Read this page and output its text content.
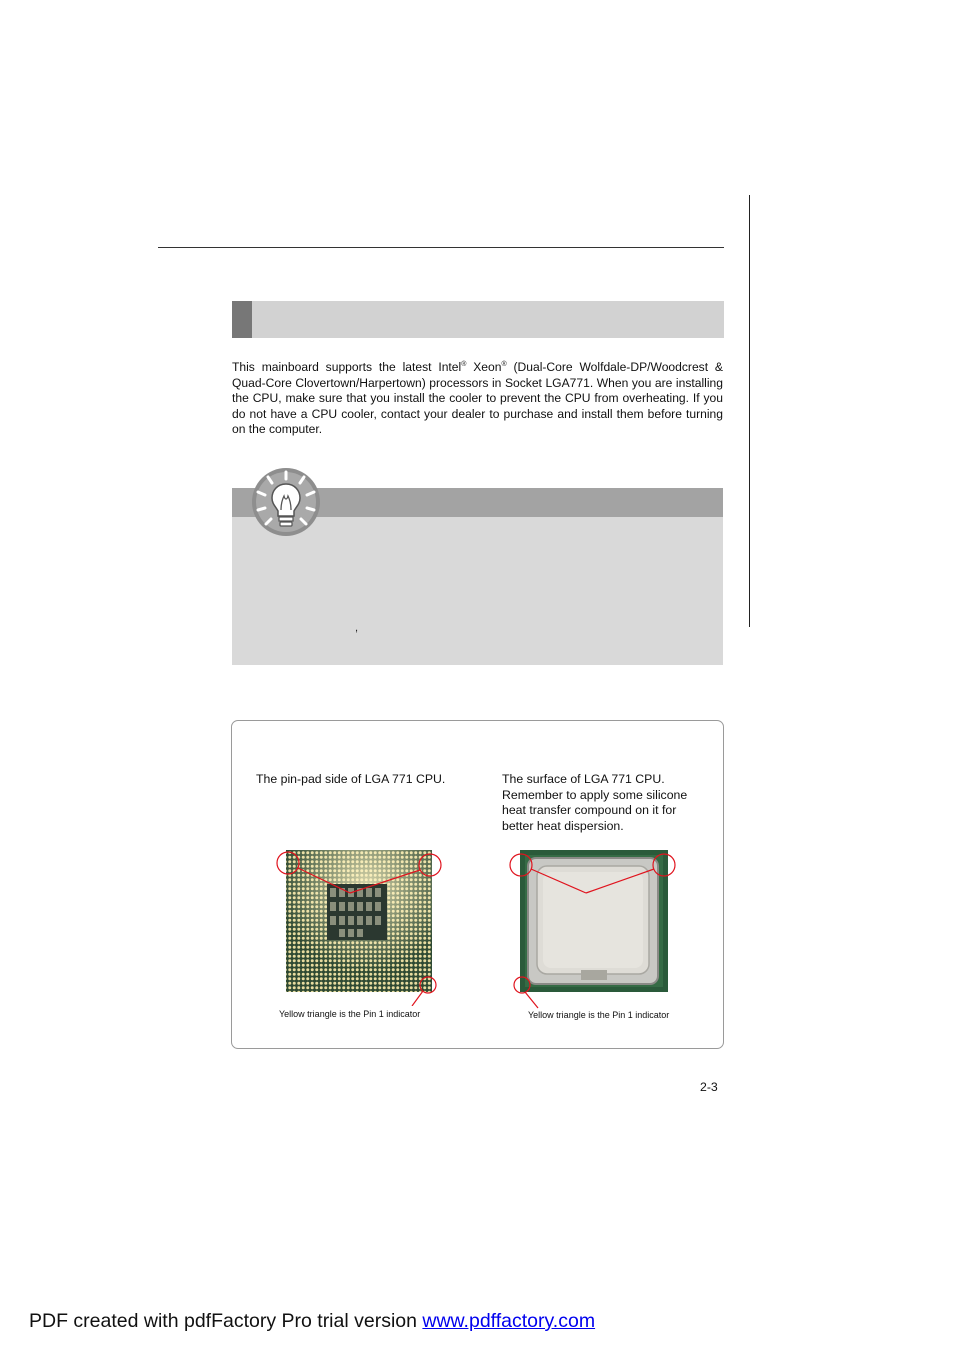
This mainboard supports the latest Intel® Xeon® (Dual-Core Wolfdale-DP/Woodcrest & Quad-Core Clovertown/Harpertown) processors in Socket LGA771. When you are installing the CPU, make sure that you install the cooler to prevent the CPU from overheating. If you do not have a CPU cooler, contact your dealer to purchase and install them before turning on the computer.
,
The pin-pad side of LGA 771 CPU.	The surface of LGA 771 CPU.
Remember to apply some silicone
heat transfer compound on it for
better heat dispersion.
Yellow triangle is the Pin 1 indicator	Yellow triangle is the Pin 1 indicator
2-3
PDF created with pdfFactory Pro trial version www.pdffactory.com
